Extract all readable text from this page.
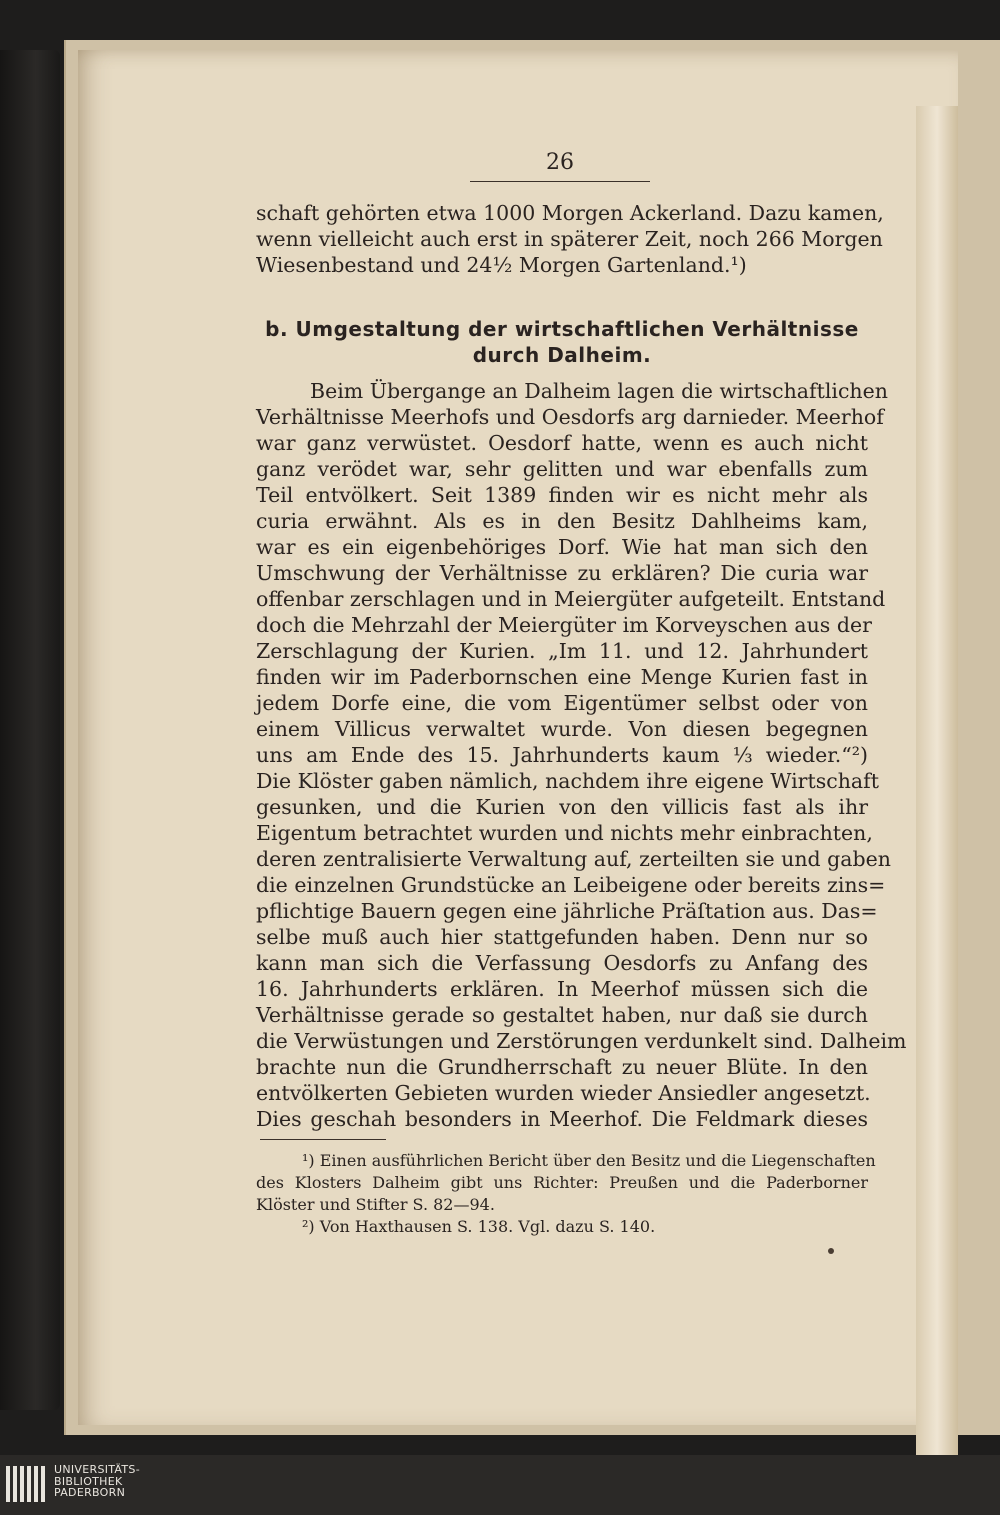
26
schaft gehörten etwa 1000 Morgen Ackerland. Dazu kamen,
wenn vielleicht auch erst in späterer Zeit, noch 266 Morgen
Wiesenbestand und 24½ Morgen Gartenland.¹)
b. Umgestaltung der wirtschaftlichen Verhältnisse
durch Dalheim.
Beim Übergange an Dalheim lagen die wirtschaftlichen
Verhältnisse Meerhofs und Oesdorfs arg darnieder. Meerhof
war ganz verwüstet. Oesdorf hatte, wenn es auch nicht
ganz verödet war, sehr gelitten und war ebenfalls zum
Teil entvölkert. Seit 1389 finden wir es nicht mehr als
curia erwähnt. Als es in den Besitz Dahlheims kam,
war es ein eigenbehöriges Dorf. Wie hat man sich den
Umschwung der Verhältnisse zu erklären? Die curia war
offenbar zerschlagen und in Meiergüter aufgeteilt. Entstand
doch die Mehrzahl der Meiergüter im Korveyschen aus der
Zerschlagung der Kurien. „Im 11. und 12. Jahrhundert
finden wir im Paderbornschen eine Menge Kurien fast in
jedem Dorfe eine, die vom Eigentümer selbst oder von
einem Villicus verwaltet wurde. Von diesen begegnen
uns am Ende des 15. Jahrhunderts kaum ⅓ wieder.“²)
Die Klöster gaben nämlich, nachdem ihre eigene Wirtschaft
gesunken, und die Kurien von den villicis fast als ihr
Eigentum betrachtet wurden und nichts mehr einbrachten,
deren zentralisierte Verwaltung auf, zerteilten sie und gaben
die einzelnen Grundstücke an Leibeigene oder bereits zins=
pflichtige Bauern gegen eine jährliche Präſtation aus. Das=
selbe muß auch hier stattgefunden haben. Denn nur so
kann man sich die Verfassung Oesdorfs zu Anfang des
16. Jahrhunderts erklären. In Meerhof müssen sich die
Verhältnisse gerade so gestaltet haben, nur daß sie durch
die Verwüstungen und Zerstörungen verdunkelt sind. Dalheim
brachte nun die Grundherrschaft zu neuer Blüte. In den
entvölkerten Gebieten wurden wieder Ansiedler angesetzt.
Dies geschah besonders in Meerhof. Die Feldmark dieses
¹) Einen ausführlichen Bericht über den Besitz und die Liegenschaften
des Klosters Dalheim gibt uns Richter: Preußen und die Paderborner
Klöster und Stifter S. 82—94.
²) Von Haxthausen S. 138. Vgl. dazu S. 140.
UNIVERSITÄTS-
BIBLIOTHEK
PADERBORN
